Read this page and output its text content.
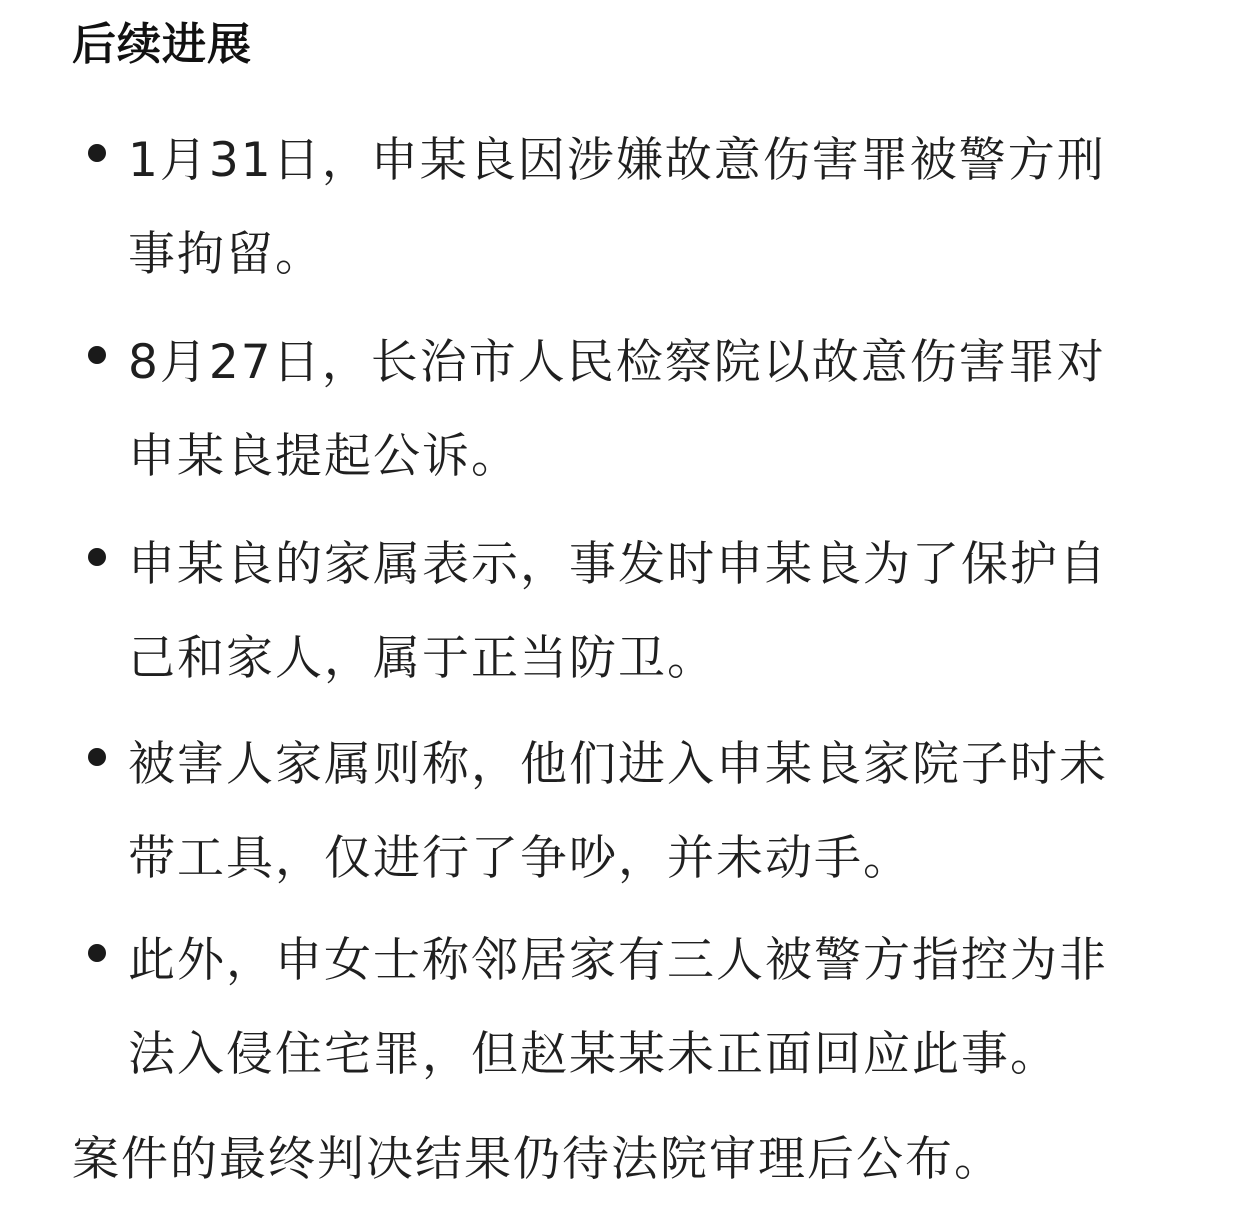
后续进展
1月31日，申某良因涉嫌故意伤害罪被警方刑
事拘留。
8月27日，长治市人民检察院以故意伤害罪对
申某良提起公诉。
申某良的家属表示，事发时申某良为了保护自
己和家人，属于正当防卫。
被害人家属则称，他们进入申某良家院子时未
带工具，仅进行了争吵，并未动手。
此外，申女士称邻居家有三人被警方指控为非
法入侵住宅罪，但赵某某未正面回应此事。

案件的最终判决结果仍待法院审理后公布。
